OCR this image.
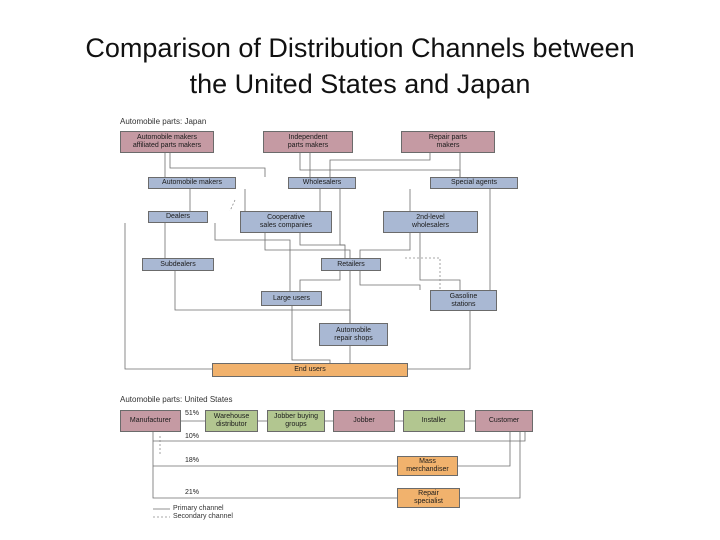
Comparison of Distribution Channels between
the United States and Japan
Automobile parts: Japan
Automobile makers
affiliated parts makers
Independent
parts makers
Repair parts
makers
Automobile makers	Wholesalers	Special agents
Dealers	Cooperative
sales companies
2nd-level
wholesalers
Subdealers	Retailers
Large users	Gasoline
stations
Automobile
repair shops
End users
Automobile parts: United States
Manufacturer
Warehouse
distributor
Jobber buying
groups
Jobber	Installer	Customer
Mass
merchandiser
Repair
specialist
51%
10%
18%
21%
Primary channel
Secondary channel
